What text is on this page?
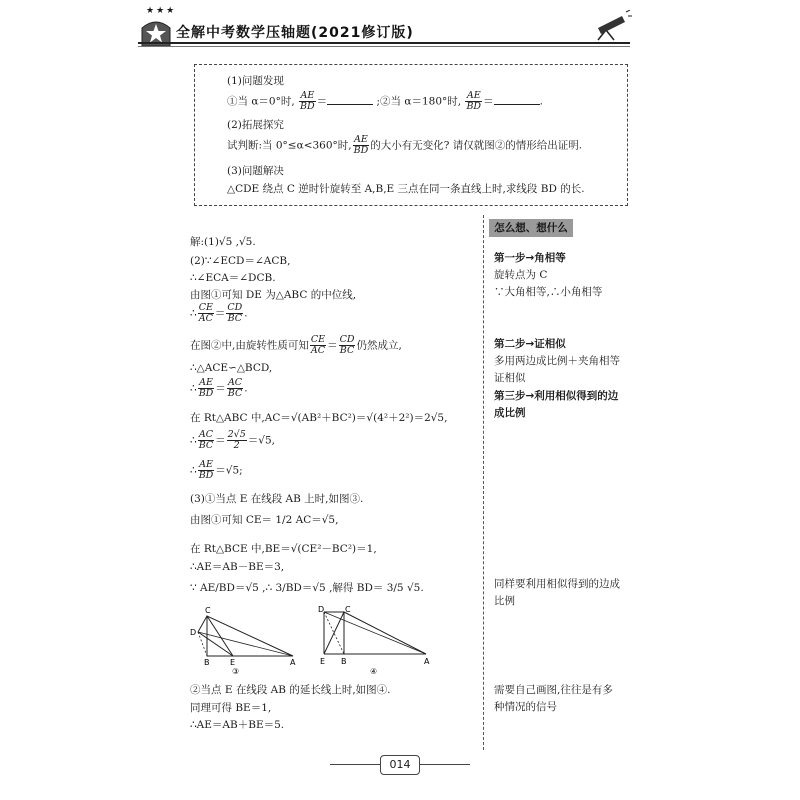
★★★
全解中考数学压轴题(2021修订版)
(1)问题发现
①当 α＝0°时, $\frac{AE}{BD}$ ＝	;②当 α＝180°时, $\frac{AE}{BD}$ ＝	.
(2)拓展探究
试判断:当 0°≤α<360°时, $\frac{AE}{BD}$ 的大小有无变化? 请仅就图②的情形给出证明.
(3)问题解决
△CDE 绕点 C 逆时针旋转至 A,B,E 三点在同一条直线上时,求线段 BD 的长.
解:(1)√5 ,√5.
(2)∵∠ECD＝∠ACB,
∴∠ECA＝∠DCB.
由图①可知 DE 为△ABC 的中位线,
∴ $\frac{CE}{AC} = \frac{CD}{BC}$ .
在图②中,由旋转性质可知 $\frac{CE}{AC} = \frac{CD}{BC}$ 仍然成立,
∴△ACE∽△BCD,
∴ $\frac{AE}{BD} = \frac{AC}{BC}$ .
在 Rt△ABC 中,AC＝√(AB²＋BC²)＝√(4²＋2²)＝2√5,
∴ $\frac{AC}{BC} = \frac{2√5}{2} =√5$,
∴ $\frac{AE}{BD} =√5$;
(3)①当点 E 在线段 AB 上时,如图③.
由图①可知 CE＝ 1/2 AC＝√5,
在 Rt△BCE 中,BE＝√(CE²－BC²)＝1,
∴AE＝AB－BE＝3,
∵ AE/BD＝√5 ,∴ 3/BD＝√5 ,解得 BD＝ 3/5 √5.
C
D
B	E	A
③
D	C
E B	A
④
②当点 E 在线段 AB 的延长线上时,如图④.
同理可得 BE＝1,
∴AE＝AB＋BE＝5.
怎么想、想什么
第一步→角相等
旋转点为 C
∵大角相等,∴小角相等
第二步→证相似
多用两边成比例＋夹角相等
证相似
第三步→利用相似得到的边
成比例
同样要利用相似得到的边成
比例
需要自己画图,往往是有多
种情况的信号
014
